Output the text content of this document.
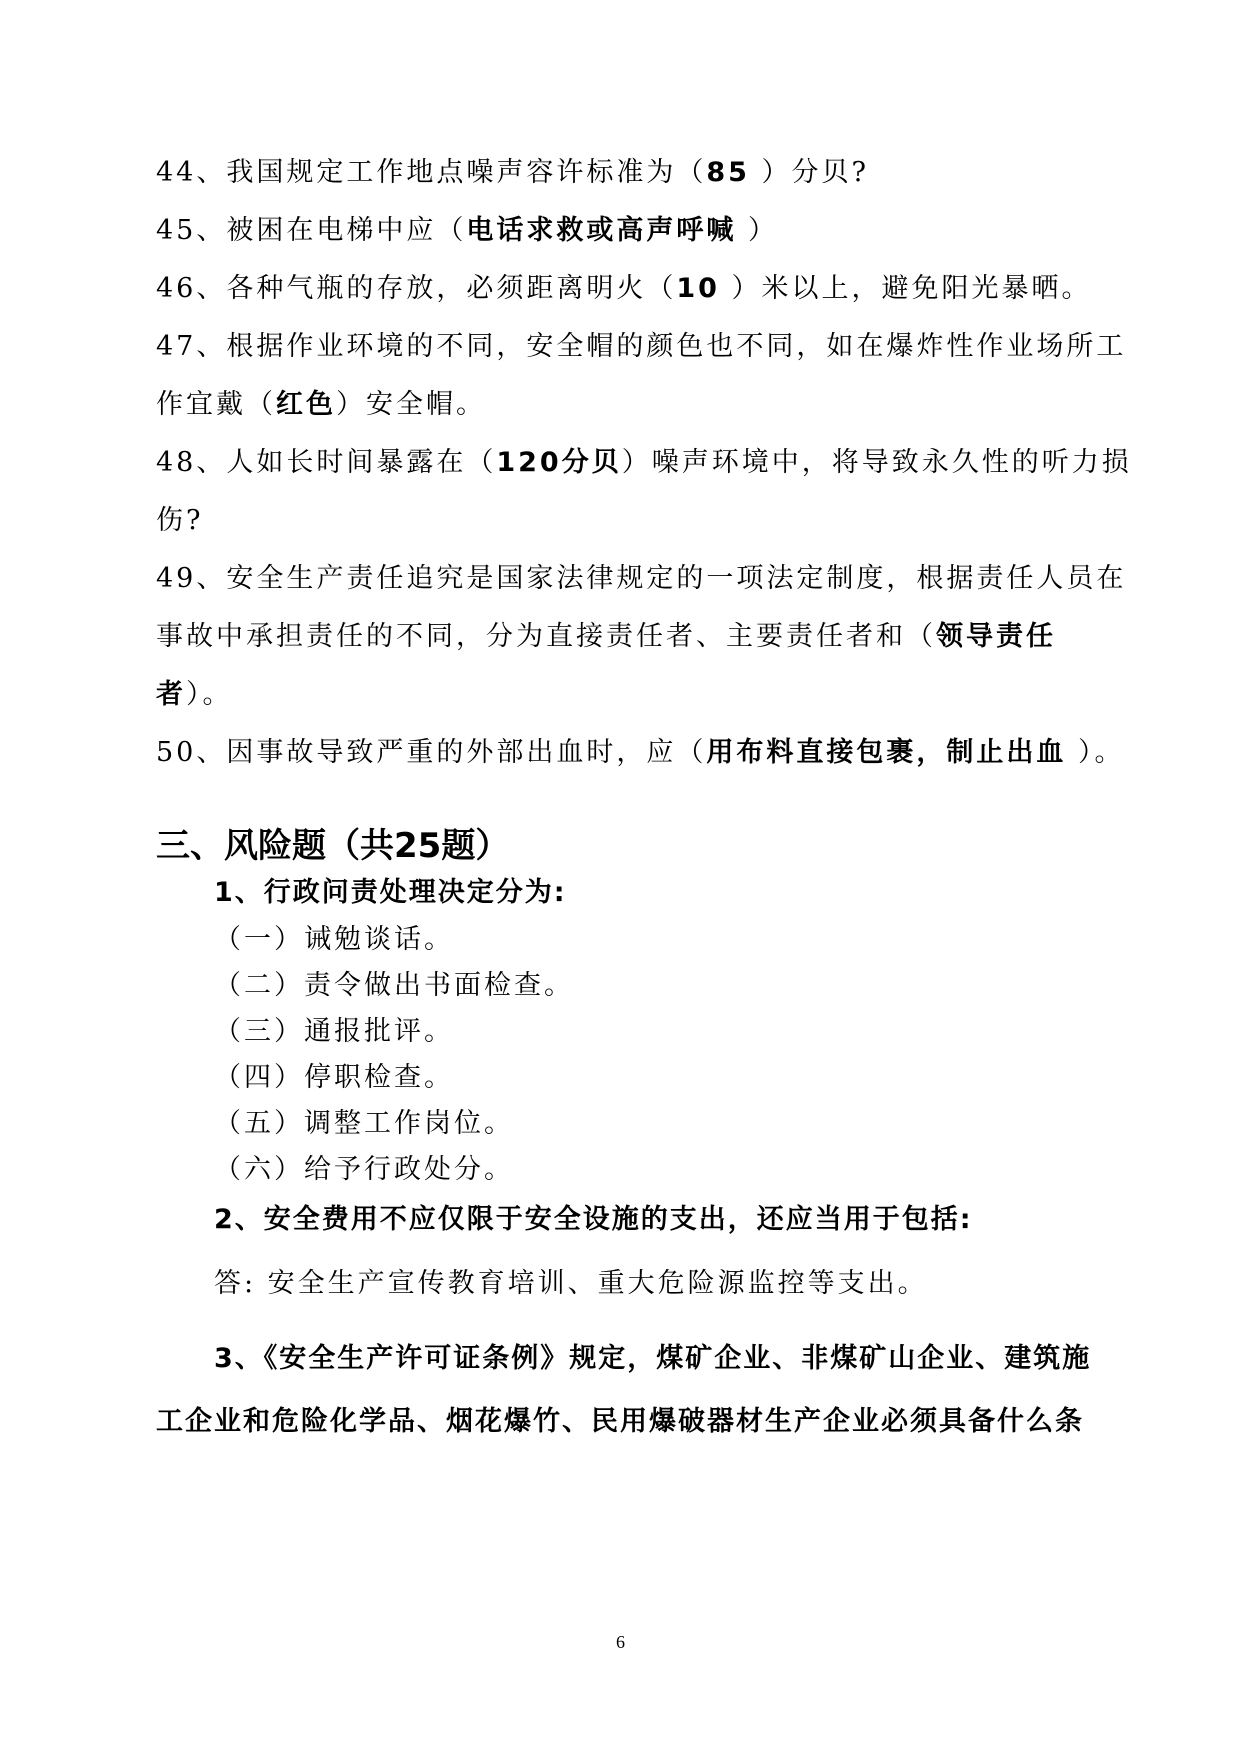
44、我国规定工作地点噪声容许标准为（85 ）分贝?
45、被困在电梯中应（电话求救或高声呼喊 ）
46、各种气瓶的存放，必须距离明火（10 ）米以上，避免阳光暴晒。
47、根据作业环境的不同，安全帽的颜色也不同，如在爆炸性作业场所工
作宜戴（红色）安全帽。
48、人如长时间暴露在（120分贝）噪声环境中，将导致永久性的听力损
伤?
49、安全生产责任追究是国家法律规定的一项法定制度，根据责任人员在
事故中承担责任的不同，分为直接责任者、主要责任者和（领导责任
者）。
50、因事故导致严重的外部出血时，应（用布料直接包裹，制止出血 ）。
三、风险题（共25题）
1、行政问责处理决定分为:
（一）诫勉谈话。
（二）责令做出书面检查。
（三）通报批评。
（四）停职检查。
（五）调整工作岗位。
（六）给予行政处分。
2、安全费用不应仅限于安全设施的支出，还应当用于包括:
答: 安全生产宣传教育培训、重大危险源监控等支出。
3、《安全生产许可证条例》规定，煤矿企业、非煤矿山企业、建筑施
工企业和危险化学品、烟花爆竹、民用爆破器材生产企业必须具备什么条
6
